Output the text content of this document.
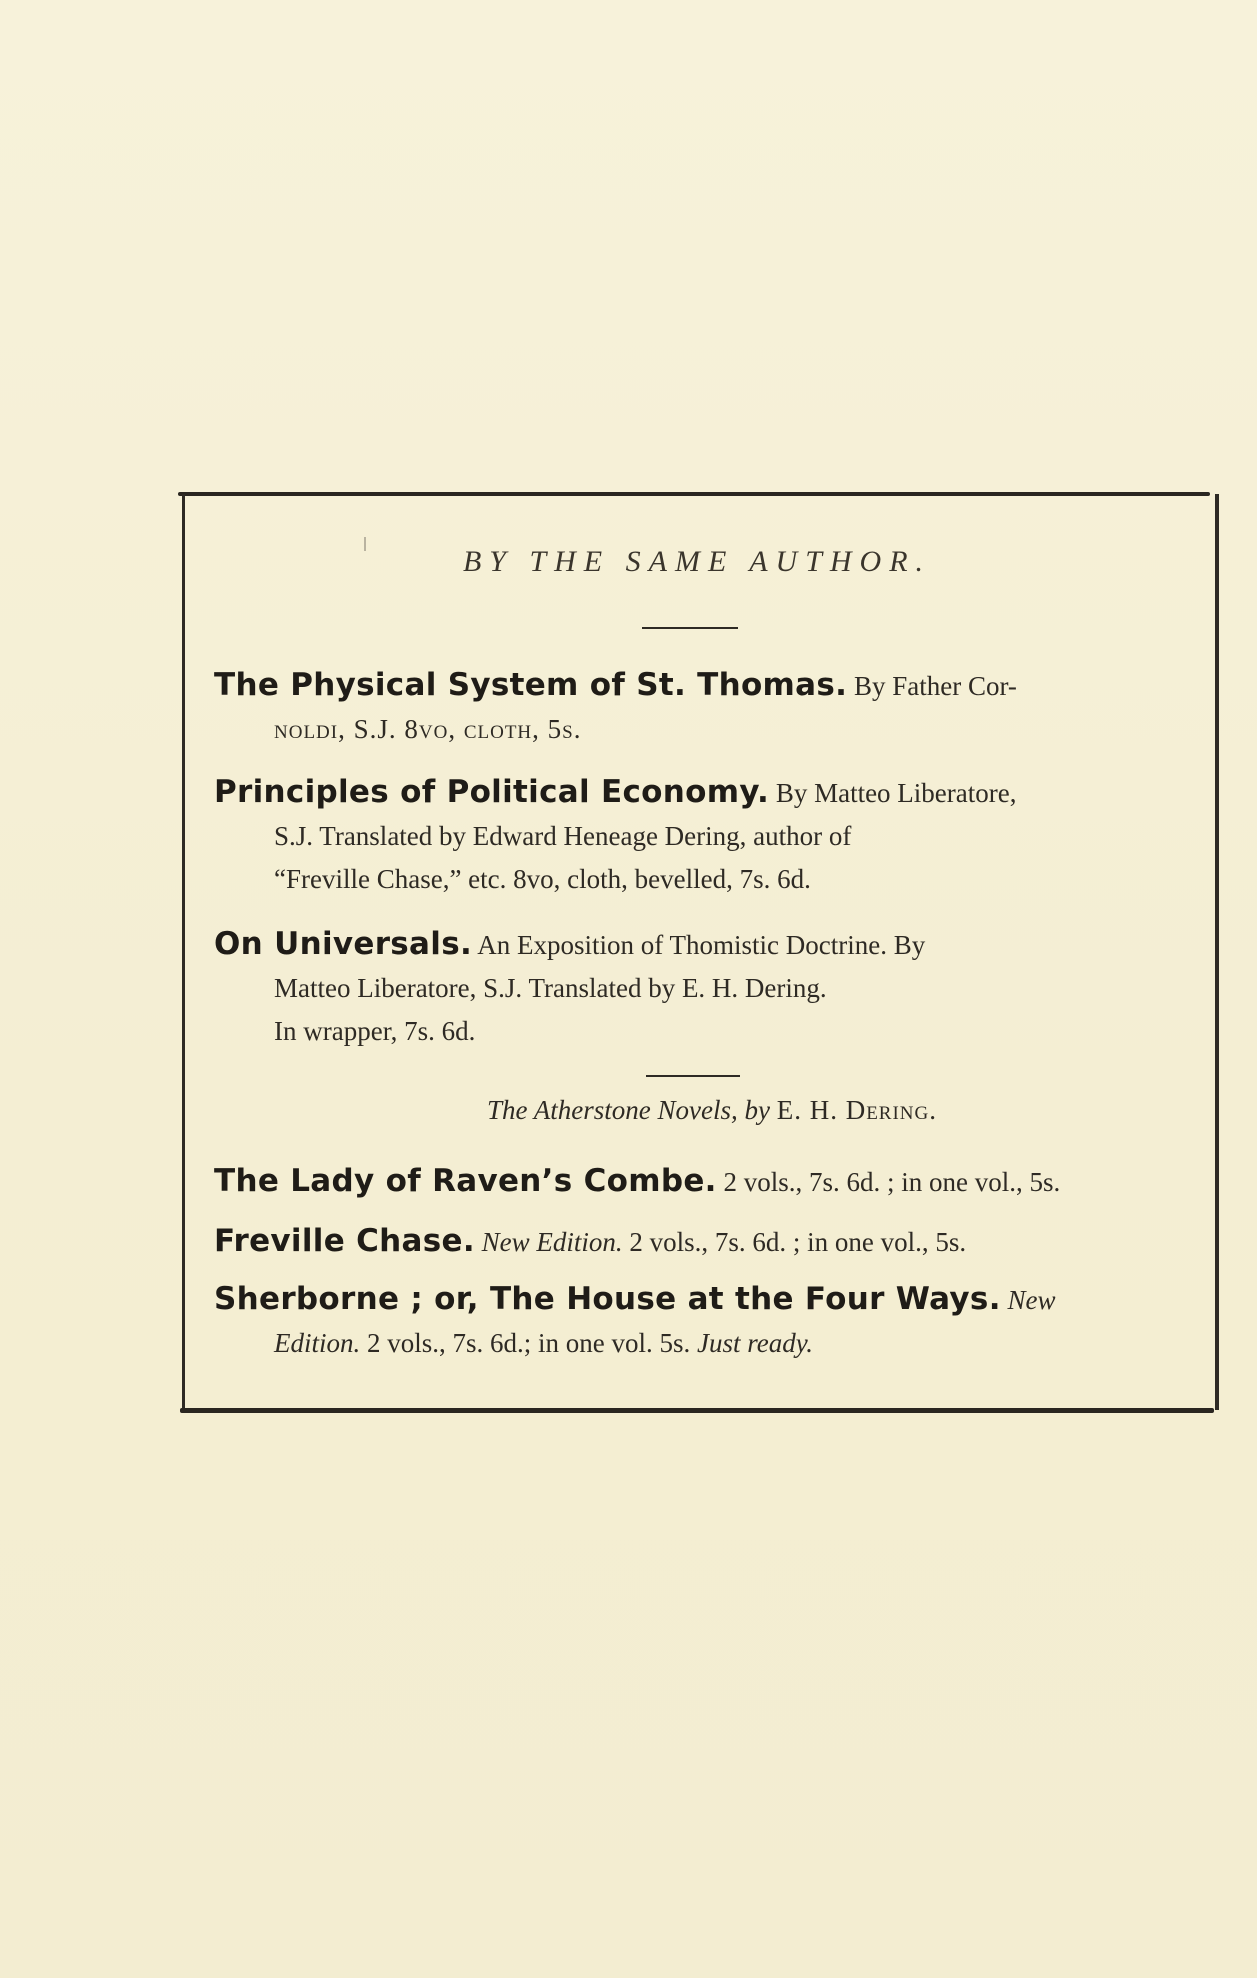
BY THE SAME AUTHOR.
The Physical System of St. Thomas. By Father Cor-
noldi, S.J. 8vo, cloth, 5s.
Principles of Political Economy. By Matteo Liberatore,
S.J. Translated by Edward Heneage Dering, author of
“Freville Chase,” etc. 8vo, cloth, bevelled, 7s. 6d.
On Universals. An Exposition of Thomistic Doctrine. By
Matteo Liberatore, S.J. Translated by E. H. Dering.
In wrapper, 7s. 6d.
The Atherstone Novels, by E. H. Dering.
The Lady of Raven’s Combe. 2 vols., 7s. 6d. ; in one vol., 5s.
Freville Chase. New Edition. 2 vols., 7s. 6d. ; in one vol., 5s.
Sherborne ; or, The House at the Four Ways. New
Edition. 2 vols., 7s. 6d.; in one vol. 5s. Just ready.
